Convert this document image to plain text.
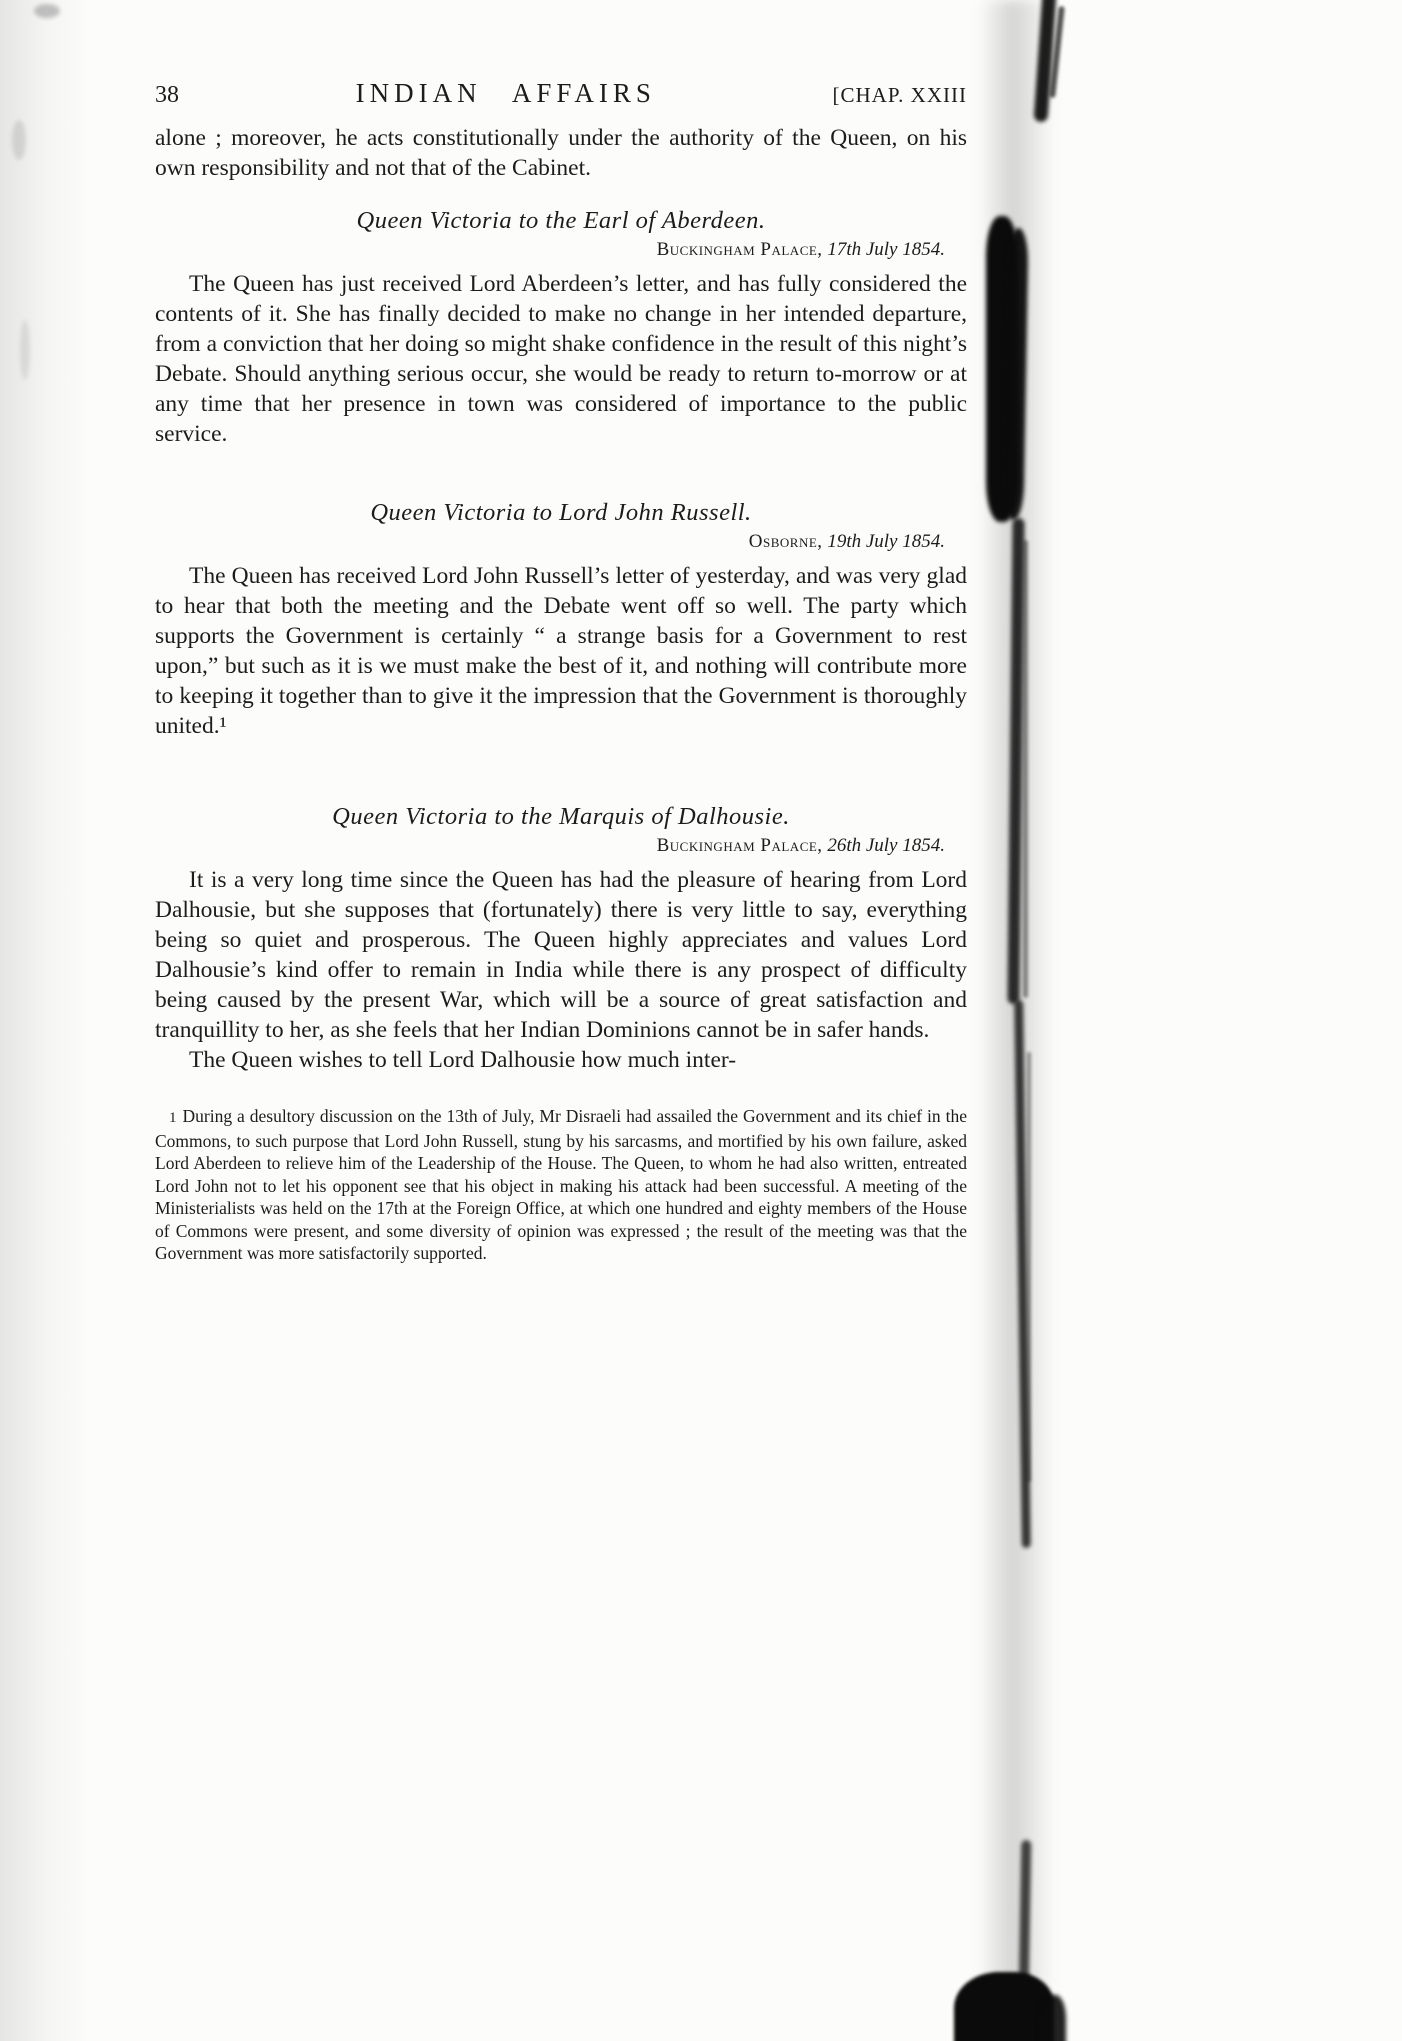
38	INDIAN AFFAIRS	[CHAP. XXIII

alone ; moreover, he acts constitutionally under the authority of the Queen, on his own responsibility and not that of the Cabinet.

Queen Victoria to the Earl of Aberdeen.

Buckingham Palace, 17th July 1854.

The Queen has just received Lord Aberdeen’s letter, and has fully considered the contents of it. She has finally decided to make no change in her intended departure, from a conviction that her doing so might shake confidence in the result of this night’s Debate. Should anything serious occur, she would be ready to return to-morrow or at any time that her presence in town was considered of importance to the public service.

Queen Victoria to Lord John Russell.

Osborne, 19th July 1854.

The Queen has received Lord John Russell’s letter of yesterday, and was very glad to hear that both the meeting and the Debate went off so well. The party which supports the Government is certainly “ a strange basis for a Government to rest upon,” but such as it is we must make the best of it, and nothing will contribute more to keeping it together than to give it the impression that the Government is thoroughly united.¹

Queen Victoria to the Marquis of Dalhousie.

Buckingham Palace, 26th July 1854.

It is a very long time since the Queen has had the pleasure of hearing from Lord Dalhousie, but she supposes that (fortunately) there is very little to say, everything being so quiet and prosperous. The Queen highly appreciates and values Lord Dalhousie’s kind offer to remain in India while there is any prospect of difficulty being caused by the present War, which will be a source of great satisfaction and tranquillity to her, as she feels that her Indian Dominions cannot be in safer hands.

The Queen wishes to tell Lord Dalhousie how much inter-

1 During a desultory discussion on the 13th of July, Mr Disraeli had assailed the Government and its chief in the Commons, to such purpose that Lord John Russell, stung by his sarcasms, and mortified by his own failure, asked Lord Aberdeen to relieve him of the Leadership of the House. The Queen, to whom he had also written, entreated Lord John not to let his opponent see that his object in making his attack had been successful. A meeting of the Ministerialists was held on the 17th at the Foreign Office, at which one hundred and eighty members of the House of Commons were present, and some diversity of opinion was expressed ; the result of the meeting was that the Government was more satisfactorily supported.
